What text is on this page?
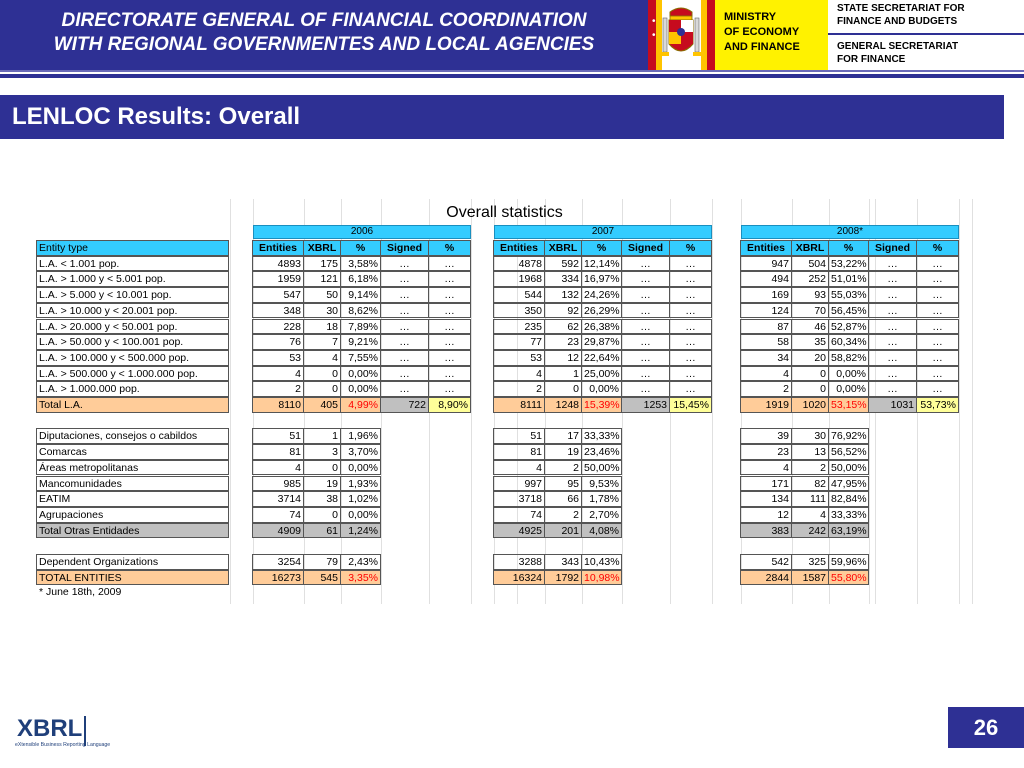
DIRECTORATE GENERAL OF FINANCIAL COORDINATION
WITH REGIONAL GOVERNMENTES AND LOCAL AGENCIES
•
•
MINISTRY
OF ECONOMY
AND FINANCE
STATE SECRETARIAT FOR
FINANCE AND BUDGETS
GENERAL SECRETARIAT
FOR FINANCE
LENLOC Results: Overall
Overall statistics
2006	2007	2008*
Entity type	Entities	XBRL	%	Signed	%	Entities	XBRL	%	Signed	%	Entities	XBRL	%	Signed	%
L.A. < 1.001 pop.	4893	175 3,58%	…	…	4878	592 12,14%	…	…	947	504 53,22%	…	…
L.A. > 1.000 y < 5.001 pop.	1959	121 6,18%	…	…	1968	334 16,97%	…	…	494	252 51,01%	…	…
L.A. > 5.000 y < 10.001 pop.	547	50 9,14%	…	…	544	132 24,26%	…	…	169	93 55,03%	…	…
L.A. > 10.000 y < 20.001 pop.	348	30 8,62%	…	…	350	92 26,29%	…	…	124	70 56,45%	…	…
L.A. > 20.000 y < 50.001 pop.	228	18 7,89%	…	…	235	62 26,38%	…	…	87	46 52,87%	…	…
L.A. > 50.000 y < 100.001 pop.	76	7 9,21%	…	…	77	23 29,87%	…	…	58	35 60,34%	…	…
L.A. > 100.000 y < 500.000 pop.	53	4 7,55%	…	…	53	12 22,64%	…	…	34	20 58,82%	…	…
L.A. > 500.000 y < 1.000.000 pop.	4	0 0,00%	…	…	4	1 25,00%	…	…	4	0 0,00%	…	…
L.A. > 1.000.000 pop.	2	0 0,00%	…	…	2	0 0,00%	…	…	2	0 0,00%	…	…
Total L.A.	8110	405 4,99%	722	8,90%	8111	1248 15,39%	1253 15,45%	1919	1020 53,15%	1031 53,73%
Diputaciones, consejos o cabildos	51	1 1,96%	51	17 33,33%	39	30 76,92%
Comarcas	81	3 3,70%	81	19 23,46%	23	13 56,52%
Áreas metropolitanas	4	0 0,00%	4	2 50,00%	4	2 50,00%
Mancomunidades	985	19 1,93%	997	95 9,53%	171	82 47,95%
EATIM	3714	38 1,02%	3718	66 1,78%	134	111 82,84%
Agrupaciones	74	0 0,00%	74	2 2,70%	12	4 33,33%
Total Otras Entidades	4909	61 1,24%	4925	201 4,08%	383	242 63,19%
Dependent Organizations	3254	79 2,43%	3288	343 10,43%	542	325 59,96%
TOTAL ENTITIES	16273	545 3,35%	16324	1792 10,98%	2844	1587 55,80%
* June 18th, 2009
XBRL
eXtensible Business Reporting Language
26
